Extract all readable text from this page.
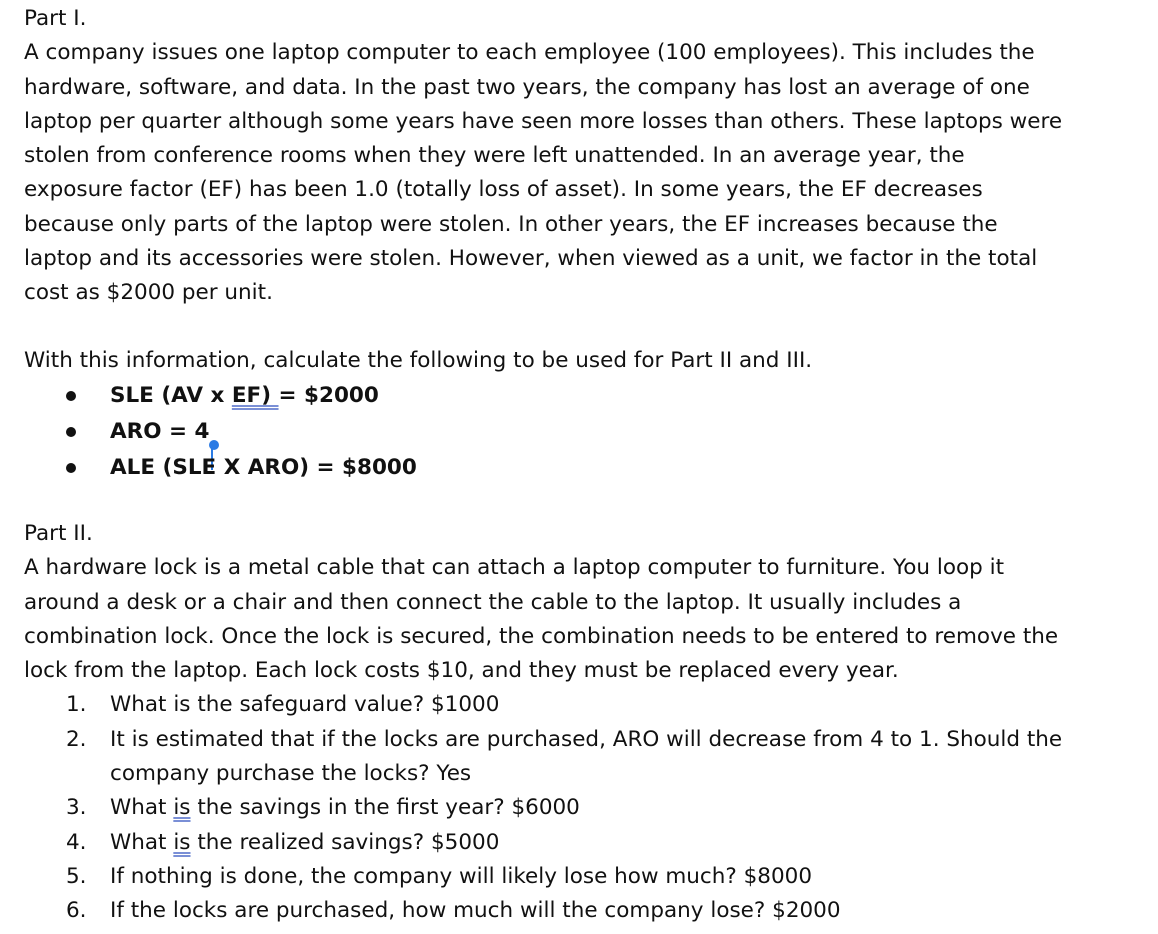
Part I.
A company issues one laptop computer to each employee (100 employees). This includes the
hardware, software, and data. In the past two years, the company has lost an average of one
laptop per quarter although some years have seen more losses than others. These laptops were
stolen from conference rooms when they were left unattended. In an average year, the
exposure factor (EF) has been 1.0 (totally loss of asset). In some years, the EF decreases
because only parts of the laptop were stolen. In other years, the EF increases because the
laptop and its accessories were stolen. However, when viewed as a unit, we factor in the total
cost as $2000 per unit.
With this information, calculate the following to be used for Part II and III.
SLE (AV x EF) = $2000
ARO = 4
ALE (SLE X ARO) = $8000
Part II.
A hardware lock is a metal cable that can attach a laptop computer to furniture. You loop it
around a desk or a chair and then connect the cable to the laptop. It usually includes a
combination lock. Once the lock is secured, the combination needs to be entered to remove the
lock from the laptop. Each lock costs $10, and they must be replaced every year.
1. What is the safeguard value? $1000
2. It is estimated that if the locks are purchased, ARO will decrease from 4 to 1. Should the
company purchase the locks? Yes
3. What is the savings in the first year? $6000
4. What is the realized savings? $5000
5. If nothing is done, the company will likely lose how much? $8000
6. If the locks are purchased, how much will the company lose? $2000
